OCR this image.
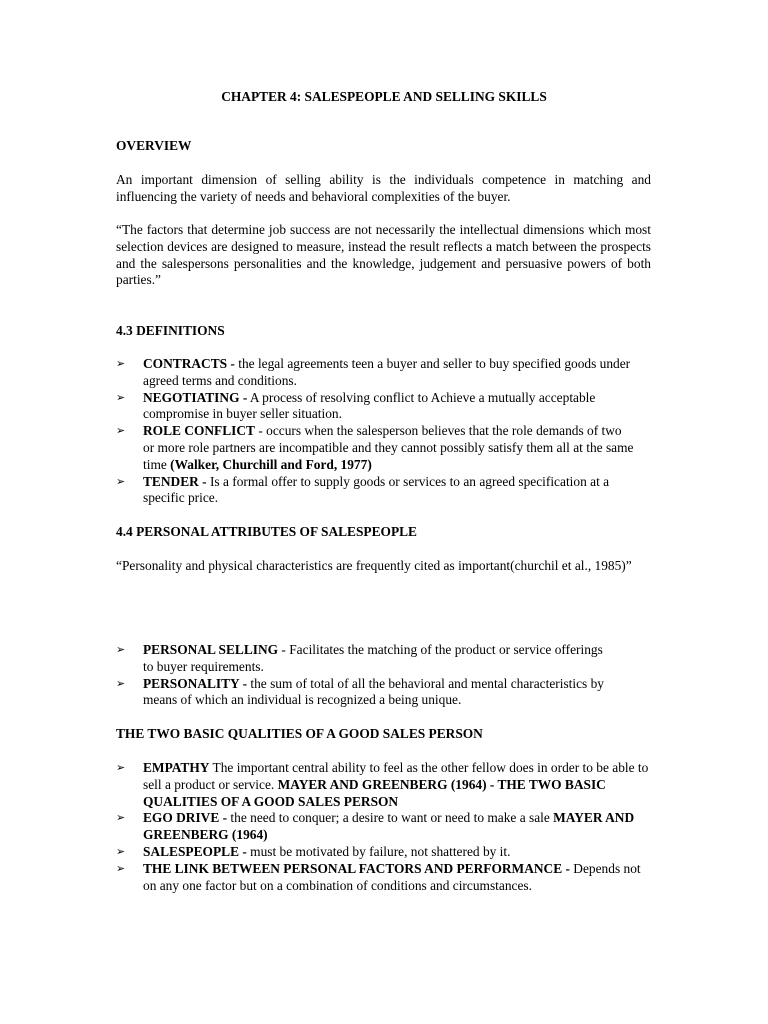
CHAPTER 4: SALESPEOPLE AND SELLING SKILLS
OVERVIEW
An important dimension of selling ability is the individuals competence in matching and influencing the variety of needs and behavioral complexities of the buyer.
“The factors that determine job success are not necessarily the intellectual dimensions which most selection devices are designed to measure, instead the result reflects a match between the prospects and the salespersons personalities and the knowledge, judgement and persuasive powers of both parties.”
4.3 DEFINITIONS
➢ CONTRACTS - the legal agreements teen a buyer and seller to buy specified goods under agreed terms and conditions.
➢ NEGOTIATING - A process of resolving conflict to Achieve a mutually acceptable compromise in buyer seller situation.
➢ ROLE CONFLICT - occurs when the salesperson believes that the role demands of two or more role partners are incompatible and they cannot possibly satisfy them all at the same time (Walker, Churchill and Ford, 1977)
➢ TENDER - Is a formal offer to supply goods or services to an agreed specification at a specific price.
4.4 PERSONAL ATTRIBUTES OF SALESPEOPLE
“Personality and physical characteristics are frequently cited as important(churchil et al., 1985)”
➢ PERSONAL SELLING - Facilitates the matching of the product or service offerings to buyer requirements.
➢ PERSONALITY - the sum of total of all the behavioral and mental characteristics by means of which an individual is recognized a being unique.
THE TWO BASIC QUALITIES OF A GOOD SALES PERSON
➢ EMPATHY The important central ability to feel as the other fellow does in order to be able to sell a product or service. MAYER AND GREENBERG (1964) - THE TWO BASIC QUALITIES OF A GOOD SALES PERSON
➢ EGO DRIVE - the need to conquer; a desire to want or need to make a sale MAYER AND GREENBERG (1964)
➢ SALESPEOPLE - must be motivated by failure, not shattered by it.
➢ THE LINK BETWEEN PERSONAL FACTORS AND PERFORMANCE - Depends not on any one factor but on a combination of conditions and circumstances.
